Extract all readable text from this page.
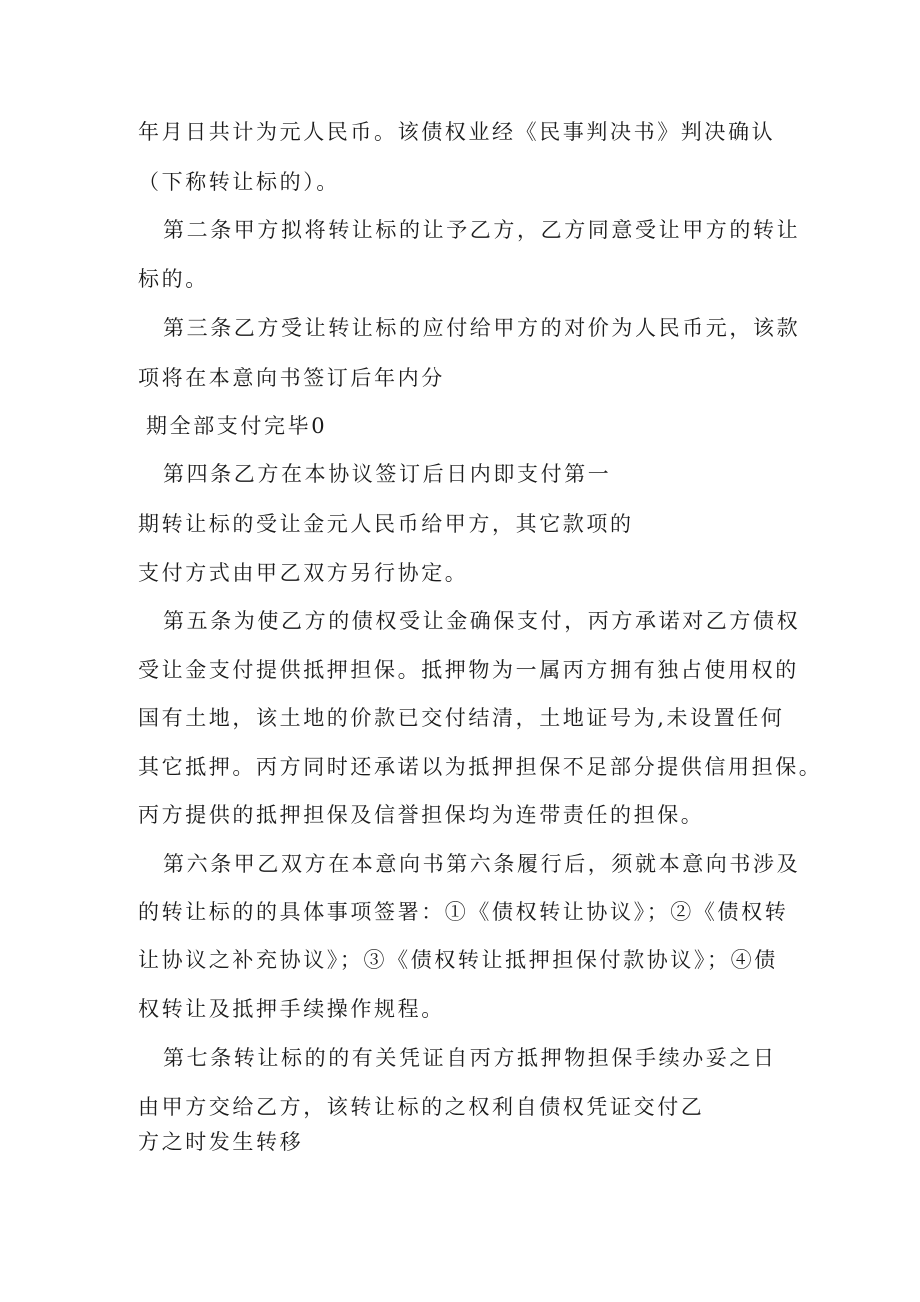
年月日共计为元人民币。该债权业经《民事判决书》判决确认
（下称转让标的）。
第二条甲方拟将转让标的让予乙方，乙方同意受让甲方的转让
标的。
第三条乙方受让转让标的应付给甲方的对价为人民币元，该款
项将在本意向书签订后年内分
期全部支付完毕0
第四条乙方在本协议签订后日内即支付第一
期转让标的受让金元人民币给甲方，其它款项的
支付方式由甲乙双方另行协定。
第五条为使乙方的债权受让金确保支付，丙方承诺对乙方债权
受让金支付提供抵押担保。抵押物为一属丙方拥有独占使用权的
国有土地，该土地的价款已交付结清，土地证号为,未设置任何
其它抵押。丙方同时还承诺以为抵押担保不足部分提供信用担保。
丙方提供的抵押担保及信誉担保均为连带责任的担保。
第六条甲乙双方在本意向书第六条履行后，须就本意向书涉及
的转让标的的具体事项签署：①《债权转让协议》；②《债权转
让协议之补充协议》；③《债权转让抵押担保付款协议》；④债
权转让及抵押手续操作规程。
第七条转让标的的有关凭证自丙方抵押物担保手续办妥之日
由甲方交给乙方，该转让标的之权利自债权凭证交付乙
方之时发生转移
